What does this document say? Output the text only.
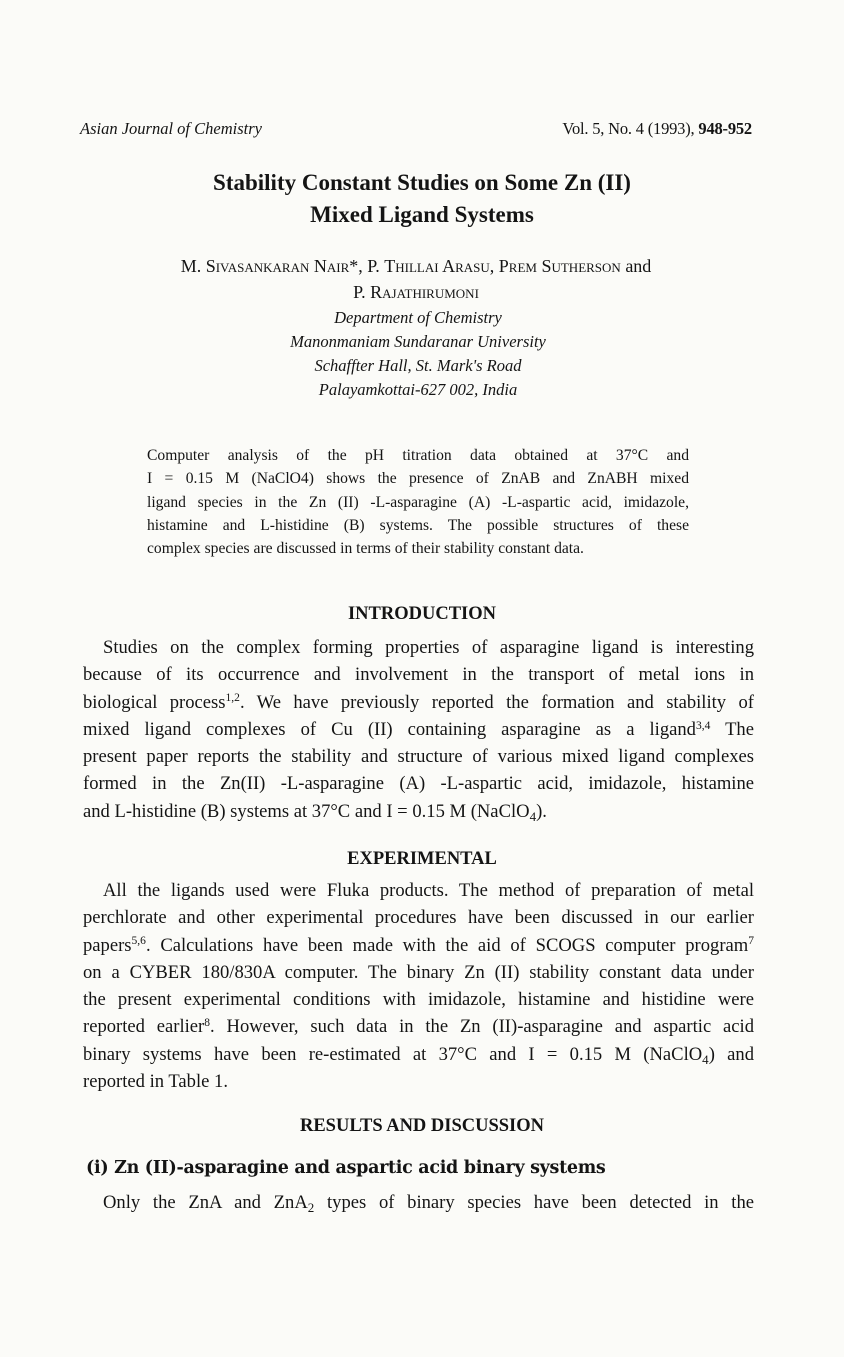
Asian Journal of Chemistry	Vol. 5, No. 4 (1993), 948-952
Stability Constant Studies on Some Zn (II)
Mixed Ligand Systems
M. Sivasankaran Nair*, P. Thillai Arasu, Prem Sutherson and
P. Rajathirumoni
Department of Chemistry
Manonmaniam Sundaranar University
Schaffter Hall, St. Mark's Road
Palayamkottai-627 002, India
Computer analysis of the pH titration data obtained at 37°C and
I = 0.15 M (NaClO4) shows the presence of ZnAB and ZnABH mixed
ligand species in the Zn (II) -L-asparagine (A) -L-aspartic acid, imidazole,
histamine and L-histidine (B) systems. The possible structures of these
complex species are discussed in terms of their stability constant data.
INTRODUCTION
Studies on the complex forming properties of asparagine ligand is interesting
because of its occurrence and involvement in the transport of metal ions in
biological process$^{1,2}$. We have previously reported the formation and stability of
mixed ligand complexes of Cu (II) containing asparagine as a ligand$^{3,4}$ The
present paper reports the stability and structure of various mixed ligand complexes
formed in the Zn(II) -L-asparagine (A) -L-aspartic acid, imidazole, histamine
and L-histidine (B) systems at 37°C and I = 0.15 M (NaClO$_4$).
EXPERIMENTAL
All the ligands used were Fluka products. The method of preparation of metal
perchlorate and other experimental procedures have been discussed in our earlier
papers$^{5,6}$. Calculations have been made with the aid of SCOGS computer program$^7$
on a CYBER 180/830A computer. The binary Zn (II) stability constant data under
the present experimental conditions with imidazole, histamine and histidine were
reported earlier$^8$. However, such data in the Zn (II)-asparagine and aspartic acid
binary systems have been re-estimated at 37°C and I = 0.15 M (NaClO$_4$) and
reported in Table 1.
RESULTS AND DISCUSSION
(i) Zn (II)-asparagine and aspartic acid binary systems
Only the ZnA and ZnA$_2$ types of binary species have been detected in the
